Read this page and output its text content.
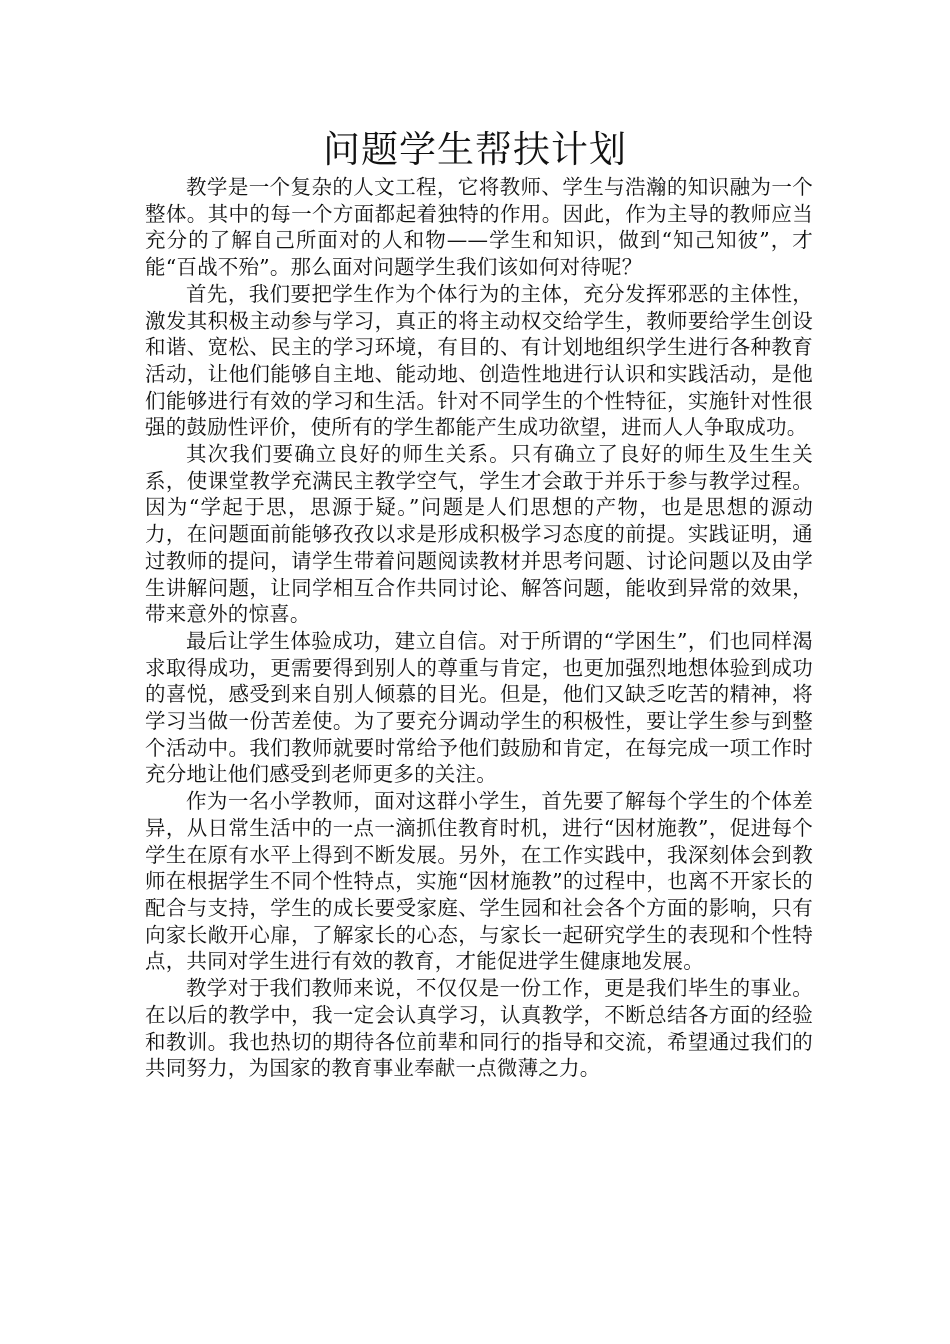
问题学生帮扶计划

教学是一个复杂的人文工程，它将教师、学生与浩瀚的知识融为一个整体。其中的每一个方面都起着独特的作用。因此，作为主导的教师应当充分的了解自己所面对的人和物——学生和知识，做到“知己知彼”，才能“百战不殆”。那么面对问题学生我们该如何对待呢？

首先，我们要把学生作为个体行为的主体，充分发挥邪恶的主体性，激发其积极主动参与学习，真正的将主动权交给学生，教师要给学生创设和谐、宽松、民主的学习环境，有目的、有计划地组织学生进行各种教育活动，让他们能够自主地、能动地、创造性地进行认识和实践活动，是他们能够进行有效的学习和生活。针对不同学生的个性特征，实施针对性很强的鼓励性评价，使所有的学生都能产生成功欲望，进而人人争取成功。

其次我们要确立良好的师生关系。只有确立了良好的师生及生生关系，使课堂教学充满民主教学空气，学生才会敢于并乐于参与教学过程。因为“学起于思，思源于疑。”问题是人们思想的产物，也是思想的源动力，在问题面前能够孜孜以求是形成积极学习态度的前提。实践证明，通过教师的提问，请学生带着问题阅读教材并思考问题、讨论问题以及由学生讲解问题，让同学相互合作共同讨论、解答问题，能收到异常的效果，带来意外的惊喜。

最后让学生体验成功，建立自信。对于所谓的“学困生”，们也同样渴求取得成功，更需要得到别人的尊重与肯定，也更加强烈地想体验到成功的喜悦，感受到来自别人倾慕的目光。但是，他们又缺乏吃苦的精神，将学习当做一份苦差使。为了要充分调动学生的积极性，要让学生参与到整个活动中。我们教师就要时常给予他们鼓励和肯定，在每完成一项工作时充分地让他们感受到老师更多的关注。

作为一名小学教师，面对这群小学生，首先要了解每个学生的个体差异，从日常生活中的一点一滴抓住教育时机，进行“因材施教”，促进每个学生在原有水平上得到不断发展。另外，在工作实践中，我深刻体会到教师在根据学生不同个性特点，实施“因材施教”的过程中，也离不开家长的配合与支持，学生的成长要受家庭、学生园和社会各个方面的影响，只有向家长敞开心扉，了解家长的心态，与家长一起研究学生的表现和个性特点，共同对学生进行有效的教育，才能促进学生健康地发展。

教学对于我们教师来说，不仅仅是一份工作，更是我们毕生的事业。在以后的教学中，我一定会认真学习，认真教学，不断总结各方面的经验和教训。我也热切的期待各位前辈和同行的指导和交流，希望通过我们的共同努力，为国家的教育事业奉献一点微薄之力。
